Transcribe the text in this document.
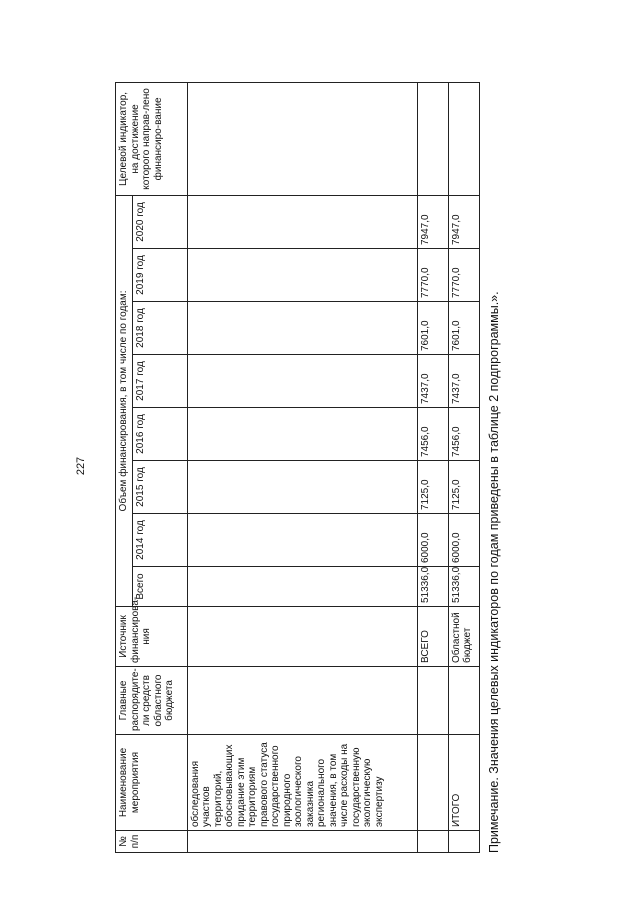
227
№ п/п	Наименование мероприятия	Главные распорядите-ли средств областного бюджета	Источник финансирова-ния	Объем финансирования, в том числе по годам:								Целевой индикатор, на достижение которого направ-лено финансиро-вание
				Всего	2014 год	2015 год	2016 год	2017 год	2018 год	2019 год	2020 год	
	обследования участков территорий, обосновывающих придание этим территориям правового статуса государственного природного зоологического заказника регионального значения, в том числе расходы на государственную экологическую экспертизу											
			ВСЕГО	51336,0	6000,0	7125,0	7456,0	7437,0	7601,0	7770,0	7947,0	
	ИТОГО		Областной бюджет	51336,0	6000,0	7125,0	7456,0	7437,0	7601,0	7770,0	7947,0	
Примечание. Значения целевых индикаторов по годам приведены в таблице 2 подпрограммы.».
